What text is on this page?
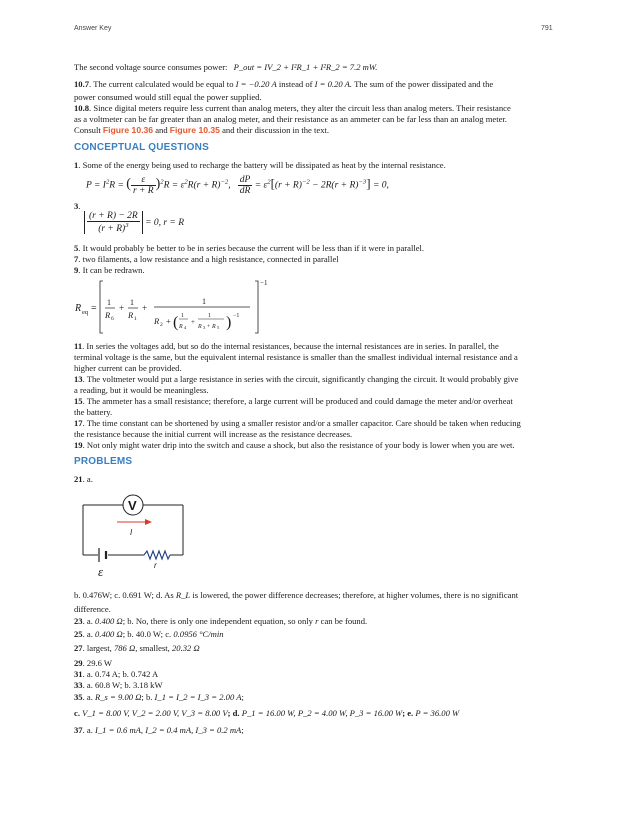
Answer Key	791
The second voltage source consumes power: P_out = IV_2 + I²R_1 + I²R_2 = 7.2 mW.
10.7. The current calculated would be equal to I = −0.20 A instead of I = 0.20 A. The sum of the power dissipated and the
power consumed would still equal the power supplied.
10.8. Since digital meters require less current than analog meters, they alter the circuit less than analog meters. Their resistance
as a voltmeter can be far greater than an analog meter, and their resistance as an ammeter can be far less than an analog meter.
Consult Figure 10.36 and Figure 10.35 and their discussion in the text.
CONCEPTUAL QUESTIONS
1. Some of the energy being used to recharge the battery will be dissipated as heat by the internal resistance.
$P = I^2R$ = ( $\frac{\varepsilon}{r + R} )^2R = \varepsilon^2R(r + R)^{-2}$, $\frac{dP}{dR} = \varepsilon^2[(r + R)^{-2} - 2R(r + R)^{-3}] = 0$,
3.
$\frac{(r + R) - 2R}{(r + R)^3} = 0$, r = R
5. It would probably be better to be in series because the current will be less than if it were in parallel.
7. two filaments, a low resistance and a high resistance, connected in parallel
9. It can be redrawn.
R eq =
−1
1
R 6
+
1
R 1
+
1
R 2 + ( 1
R 4
+
1
R 3 + R 5 ) −1
11. In series the voltages add, but so do the internal resistances, because the internal resistances are in series. In parallel, the
terminal voltage is the same, but the equivalent internal resistance is smaller than the smallest individual internal resistance and a
higher current can be provided.
13. The voltmeter would put a large resistance in series with the circuit, significantly changing the circuit. It would probably give
a reading, but it would be meaningless.
15. The ammeter has a small resistance; therefore, a large current will be produced and could damage the meter and/or overheat
the battery.
17. The time constant can be shortened by using a smaller resistor and/or a smaller capacitor. Care should be taken when reducing
the resistance because the initial current will increase as the resistance decreases.
19. Not only might water drip into the switch and cause a shock, but also the resistance of your body is lower when you are wet.
PROBLEMS
21. a.
V
I
r
ε
b. 0.476W; c. 0.691 W; d. As R_L is lowered, the power difference decreases; therefore, at higher volumes, there is no significant
difference.
23. a. 0.400 Ω; b. No, there is only one independent equation, so only r can be found.
25. a. 0.400 Ω; b. 40.0 W; c. 0.0956 °C/min
27. largest, 786 Ω, smallest, 20.32 Ω
29. 29.6 W
31. a. 0.74 A; b. 0.742 A
33. a. 60.8 W; b. 3.18 kW
35. a. R_s = 9.00 Ω; b. I_1 = I_2 = I_3 = 2.00 A;
c. V_1 = 8.00 V, V_2 = 2.00 V, V_3 = 8.00 V; d. P_1 = 16.00 W, P_2 = 4.00 W, P_3 = 16.00 W; e. P = 36.00 W
37. a. I_1 = 0.6 mA, I_2 = 0.4 mA, I_3 = 0.2 mA;
